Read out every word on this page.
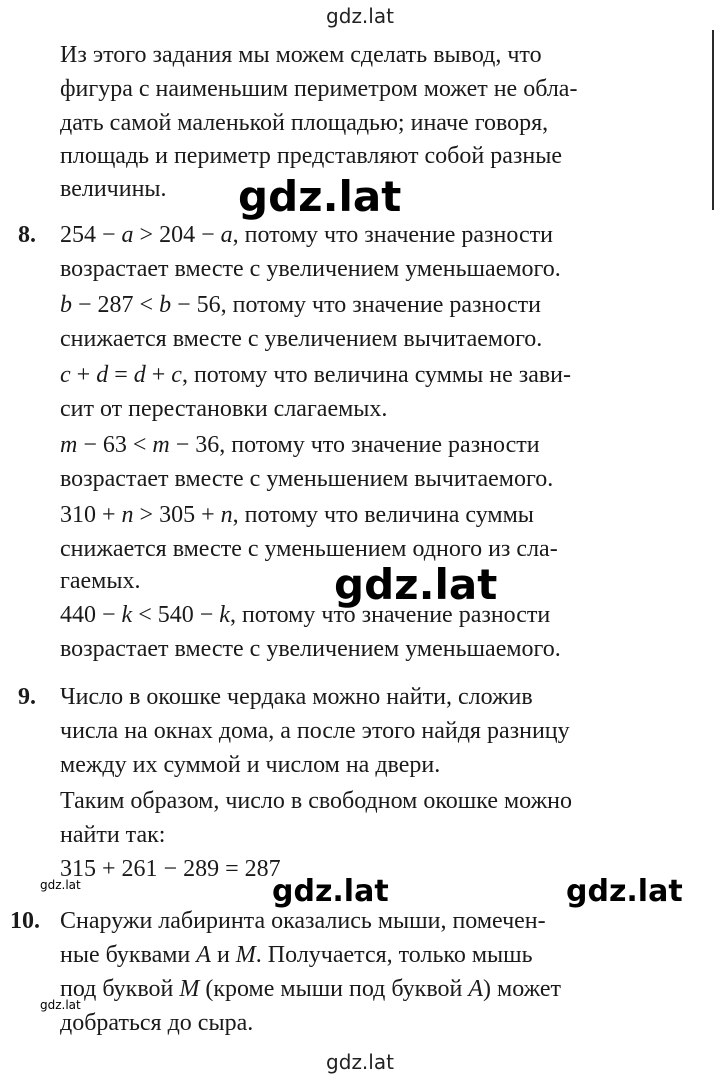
gdz.lat
Из этого задания мы можем сделать вывод, что
фигура с наименьшим периметром может не обла-
дать самой маленькой площадью; иначе говоря,
площадь и периметр представляют собой разные
величины. gdz.lat
8. 254 − a > 204 − a, потому что значение разности
возрастает вместе с увеличением уменьшаемого.
b − 287 < b − 56, потому что значение разности
снижается вместе с увеличением вычитаемого.
c + d = d + c, потому что величина суммы не зави-
сит от перестановки слагаемых.
m − 63 < m − 36, потому что значение разности
возрастает вместе с уменьшением вычитаемого.
310 + n > 305 + n, потому что величина суммы
снижается вместе с уменьшением одного из сла-
гаемых.	gdz.lat
440 − k < 540 − k, потому что значение разности
возрастает вместе с увеличением уменьшаемого.
9. Число в окошке чердака можно найти, сложив
числа на окнах дома, а после этого найдя разницу
между их суммой и числом на двери.
Таким образом, число в свободном окошке можно
найти так:
315 + 261 − 289 = 287
gdz.lat	gdz.lat	gdz.lat
10. Снаружи лабиринта оказались мыши, помечен-
ные буквами A и M. Получается, только мышь
под буквой M (кроме мыши под буквой A) может
добраться до сыра.
gdz.lat
gdz.lat
